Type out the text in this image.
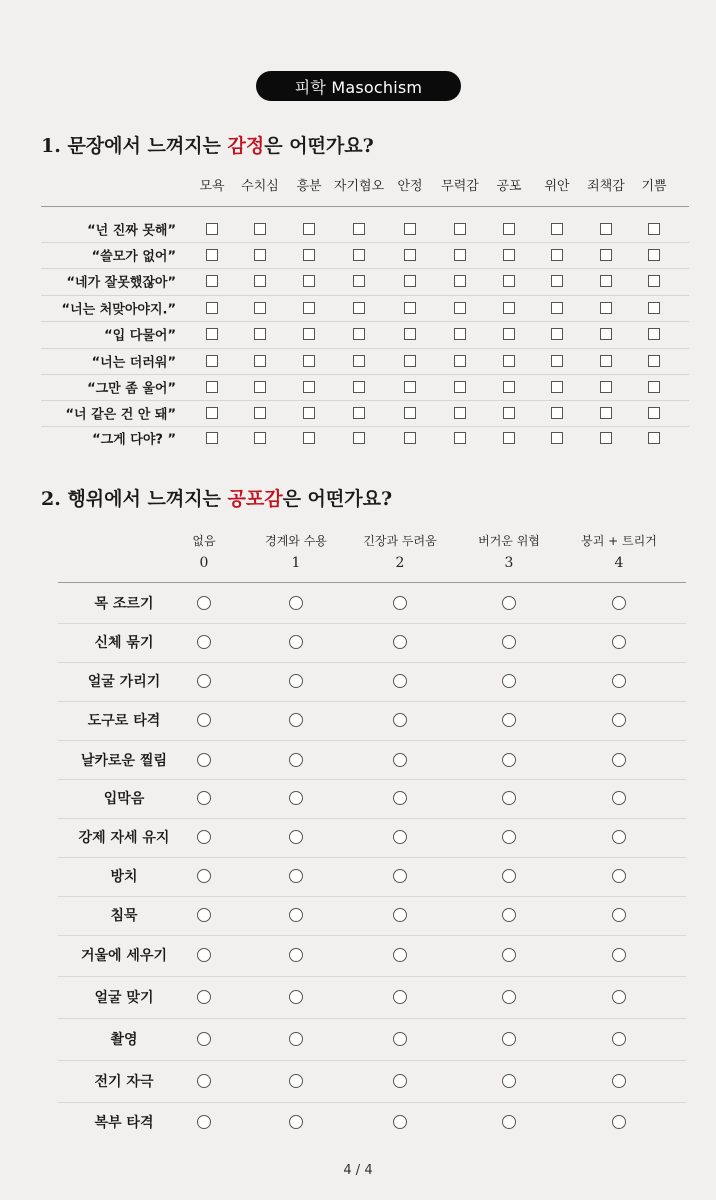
피학 Masochism
1. 문장에서 느껴지는 감정은 어떤가요?
모욕 수치심 흥분 자기혐오 안정 무력감 공포 위안 죄책감 기쁨
“넌 진짜 못해”
“쓸모가 없어”
“네가 잘못했잖아”
“너는 처맞아야지.”
“입 다물어”
“너는 더러워”
“그만 좀 울어”
“너 같은 건 안 돼”
“그게 다야? ”
2. 행위에서 느껴지는 공포감은 어떤가요?
없음
0
경계와 수용
1
긴장과 두려움
2
버거운 위협
3
붕괴 + 트리거
4
목 조르기
신체 묶기
얼굴 가리기
도구로 타격
날카로운 찔림
입막음
강제 자세 유지
방치
침묵
거울에 세우기
얼굴 맞기
촬영
전기 자극
복부 타격
4 / 4
